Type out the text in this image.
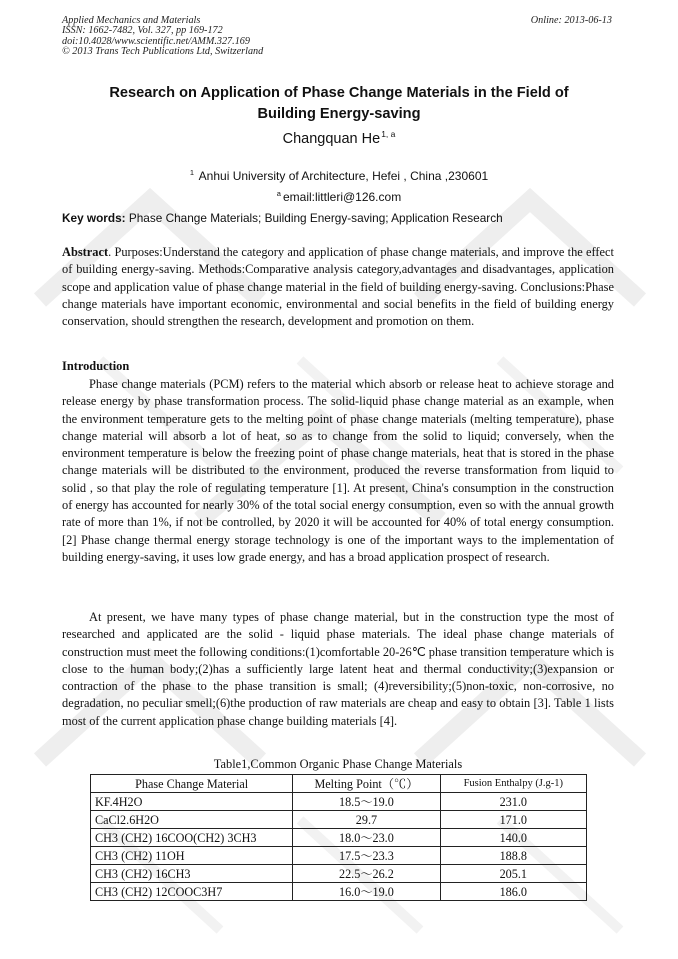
Applied Mechanics and Materials
ISSN: 1662-7482, Vol. 327, pp 169-172
doi:10.4028/www.scientific.net/AMM.327.169
© 2013 Trans Tech Publications Ltd, Switzerland
Online: 2013-06-13
Research on Application of Phase Change Materials in the Field of
Building Energy-saving
Changquan He$^{1, a}$
$^1$ Anhui University of Architecture, Hefei , China ,230601
$^a$ email:littleri@126.com
Key words: Phase Change Materials; Building Energy-saving; Application Research
Abstract. Purposes:Understand the category and application of phase change materials, and improve the effect of building energy-saving. Methods:Comparative analysis category,advantages and disadvantages, application scope and application value of phase change material in the field of building energy-saving. Conclusions:Phase change materials have important economic, environmental and social benefits in the field of building energy conservation, should strengthen the research, development and promotion on them.
Introduction
Phase change materials (PCM) refers to the material which absorb or release heat to achieve storage and release energy by phase transformation process. The solid-liquid phase change material as an example, when the environment temperature gets to the melting point of phase change materials (melting temperature), phase change material will absorb a lot of heat, so as to change from the solid to liquid; conversely, when the environment temperature is below the freezing point of phase change materials, heat that is stored in the phase change materials will be distributed to the environment, produced the reverse transformation from liquid to solid , so that play the role of regulating temperature [1]. At present, China's consumption in the construction of energy has accounted for nearly 30% of the total social energy consumption, even so with the annual growth rate of more than 1%, if not be controlled, by 2020 it will be accounted for 40% of total energy consumption. [2] Phase change thermal energy storage technology is one of the important ways to the implementation of building energy-saving, it uses low grade energy, and has a broad application prospect of research.
At present, we have many types of phase change material, but in the construction type the most of researched and applicated are the solid - liquid phase materials. The ideal phase change materials of construction must meet the following conditions:(1)comfortable 20-26℃ phase transition temperature which is close to the human body;(2)has a sufficiently large latent heat and thermal conductivity;(3)expansion or contraction of the phase to the phase transition is small; (4)reversibility;(5)non-toxic, non-corrosive, no degradation, no peculiar smell;(6)the production of raw materials are cheap and easy to obtain [3]. Table 1 lists most of the current application phase change building materials [4].
Table1,Common Organic Phase Change Materials
Phase Change Material	Melting Point（℃）	Fusion Enthalpy (J.g-1)
KF.4H2O	18.5～19.0	231.0
CaCl2.6H2O	29.7	171.0
CH3 (CH2) 16COO(CH2) 3CH3	18.0～23.0	140.0
CH3 (CH2) 11OH	17.5～23.3	188.8
CH3 (CH2) 16CH3	22.5～26.2	205.1
CH3 (CH2) 12COOC3H7	16.0～19.0	186.0
